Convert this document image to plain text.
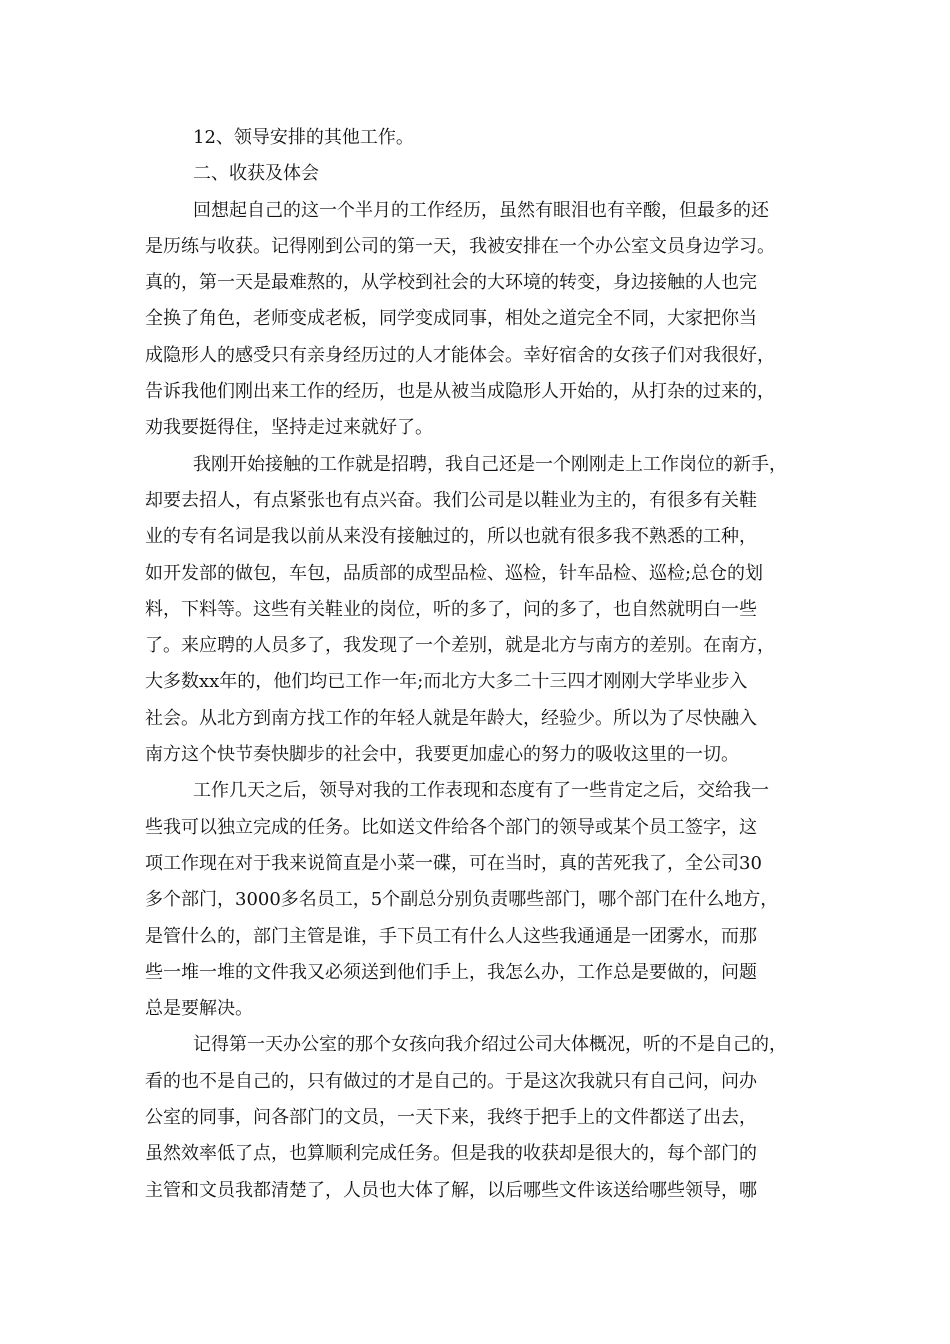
12、领导安排的其他工作。
二、收获及体会
回想起自己的这一个半月的工作经历，虽然有眼泪也有辛酸，但最多的还
是历练与收获。记得刚到公司的第一天，我被安排在一个办公室文员身边学习。
真的，第一天是最难熬的，从学校到社会的大环境的转变，身边接触的人也完
全换了角色，老师变成老板，同学变成同事，相处之道完全不同，大家把你当
成隐形人的感受只有亲身经历过的人才能体会。幸好宿舍的女孩子们对我很好，
告诉我他们刚出来工作的经历，也是从被当成隐形人开始的，从打杂的过来的，
劝我要挺得住，坚持走过来就好了。
我刚开始接触的工作就是招聘，我自己还是一个刚刚走上工作岗位的新手，
却要去招人，有点紧张也有点兴奋。我们公司是以鞋业为主的，有很多有关鞋
业的专有名词是我以前从来没有接触过的，所以也就有很多我不熟悉的工种，
如开发部的做包，车包，品质部的成型品检、巡检，针车品检、巡检;总仓的划
料，下料等。这些有关鞋业的岗位，听的多了，问的多了，也自然就明白一些
了。来应聘的人员多了，我发现了一个差别，就是北方与南方的差别。在南方，
大多数xx年的，他们均已工作一年;而北方大多二十三四才刚刚大学毕业步入
社会。从北方到南方找工作的年轻人就是年龄大，经验少。所以为了尽快融入
南方这个快节奏快脚步的社会中，我要更加虚心的努力的吸收这里的一切。
工作几天之后，领导对我的工作表现和态度有了一些肯定之后，交给我一
些我可以独立完成的任务。比如送文件给各个部门的领导或某个员工签字，这
项工作现在对于我来说简直是小菜一碟，可在当时，真的苦死我了，全公司30
多个部门，3000多名员工，5个副总分别负责哪些部门，哪个部门在什么地方，
是管什么的，部门主管是谁，手下员工有什么人这些我通通是一团雾水，而那
些一堆一堆的文件我又必须送到他们手上，我怎么办，工作总是要做的，问题
总是要解决。
记得第一天办公室的那个女孩向我介绍过公司大体概况，听的不是自己的，
看的也不是自己的，只有做过的才是自己的。于是这次我就只有自己问，问办
公室的同事，问各部门的文员，一天下来，我终于把手上的文件都送了出去，
虽然效率低了点，也算顺利完成任务。但是我的收获却是很大的，每个部门的
主管和文员我都清楚了，人员也大体了解，以后哪些文件该送给哪些领导，哪
